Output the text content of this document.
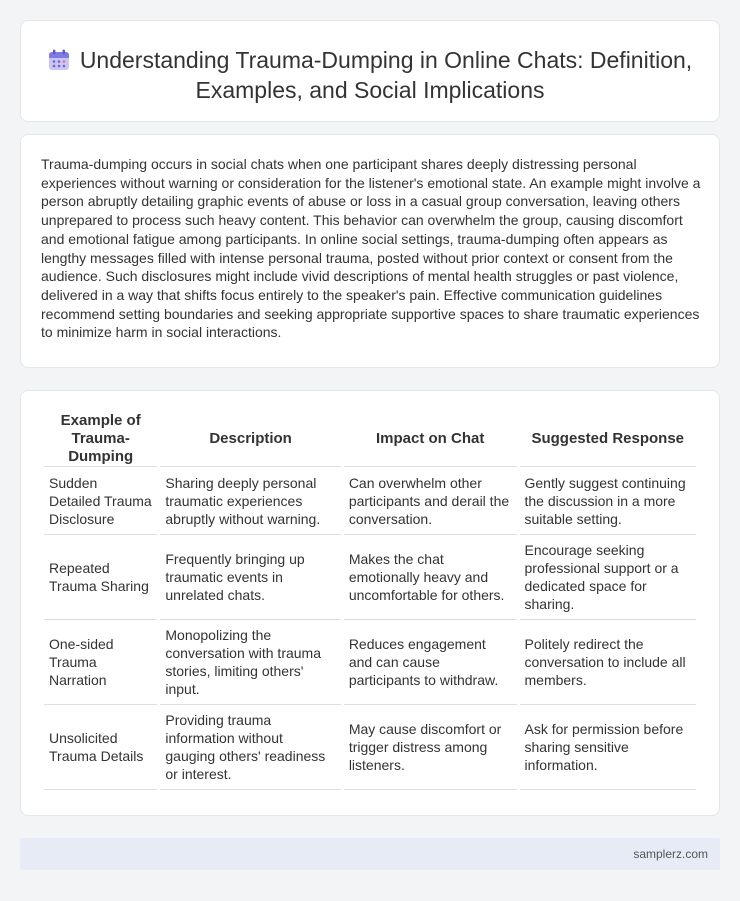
Understanding Trauma-Dumping in Online Chats: Definition, Examples, and Social Implications

Trauma-dumping occurs in social chats when one participant shares deeply distressing personal experiences without warning or consideration for the listener's emotional state. An example might involve a person abruptly detailing graphic events of abuse or loss in a casual group conversation, leaving others unprepared to process such heavy content. This behavior can overwhelm the group, causing discomfort and emotional fatigue among participants. In online social settings, trauma-dumping often appears as lengthy messages filled with intense personal trauma, posted without prior context or consent from the audience. Such disclosures might include vivid descriptions of mental health struggles or past violence, delivered in a way that shifts focus entirely to the speaker's pain. Effective communication guidelines recommend setting boundaries and seeking appropriate supportive spaces to share traumatic experiences to minimize harm in social interactions.

Example of Trauma-Dumping	Description	Impact on Chat	Suggested Response
Sudden Detailed Trauma Disclosure	Sharing deeply personal traumatic experiences abruptly without warning.	Can overwhelm other participants and derail the conversation.	Gently suggest continuing the discussion in a more suitable setting.
Repeated Trauma Sharing	Frequently bringing up traumatic events in unrelated chats.	Makes the chat emotionally heavy and uncomfortable for others.	Encourage seeking professional support or a dedicated space for sharing.
One-sided Trauma Narration	Monopolizing the conversation with trauma stories, limiting others' input.	Reduces engagement and can cause participants to withdraw.	Politely redirect the conversation to include all members.
Unsolicited Trauma Details	Providing trauma information without gauging others' readiness or interest.	May cause discomfort or trigger distress among listeners.	Ask for permission before sharing sensitive information.
samplerz.com
